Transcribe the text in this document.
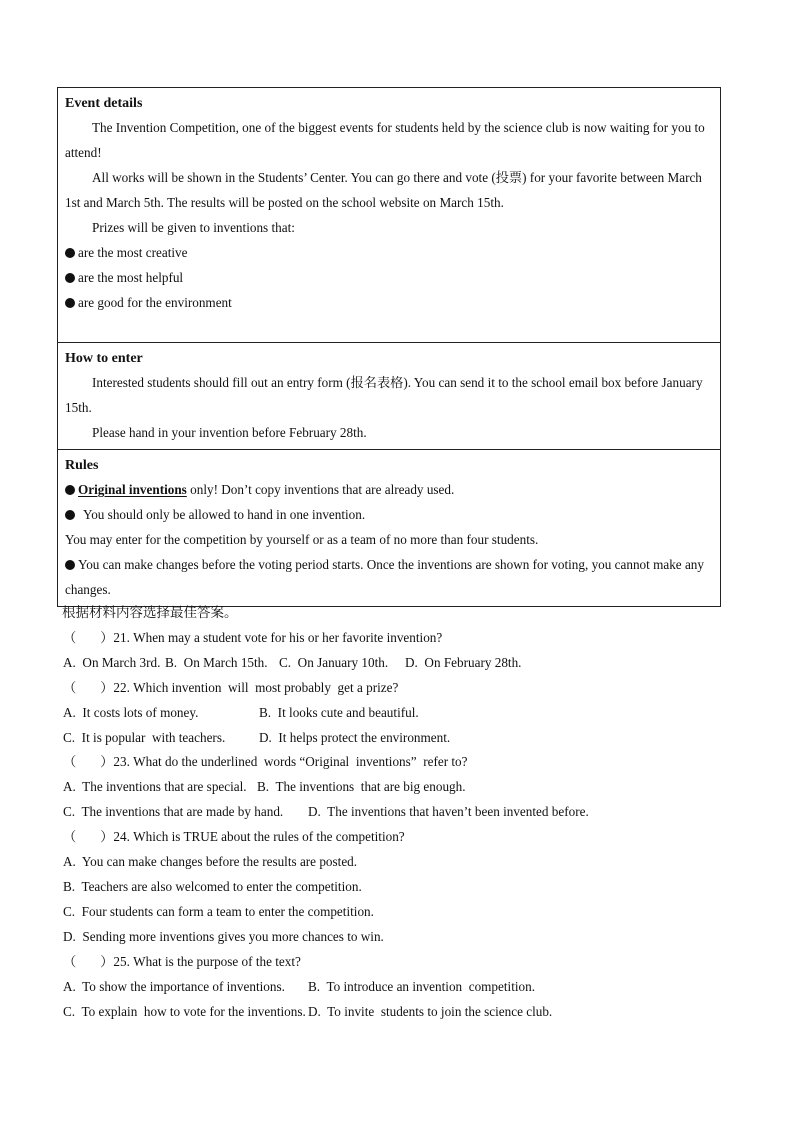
Event details
The Invention Competition, one of the biggest events for students held by the science club is now waiting for you to attend!
All works will be shown in the Students’ Center. You can go there and vote (投票) for your favorite between March 1st and March 5th. The results will be posted on the school website on March 15th.
Prizes will be given to inventions that:
are the most creative
are the most helpful
are good for the environment

How to enter
Interested students should fill out an entry form (报名表格). You can send it to the school email box before January 15th.
Please hand in your invention before February 28th.

Rules
Original inventions only! Don’t copy inventions that are already used.
You should only be allowed to hand in one invention.
You may enter for the competition by yourself or as a team of no more than four students.
You can make changes before the voting period starts. Once the inventions are shown for voting, you cannot make any changes.
根据材料内容选择最佳答案。
（ ）21. When may a student vote for his or her favorite invention?
A.  On March 3rd. B.  On March 15th. C.  On January 10th. D.  On February 28th.
（ ）22. Which invention  will  most probably  get a prize?
A.  It costs lots of money.	B.  It looks cute and beautiful.
C.  It is popular  with teachers.	D.  It helps protect the environment.
（ ）23. What do the underlined  words “Original  inventions”  refer to?
A.  The inventions that are special. B.  The inventions  that are big enough.
C.  The inventions that are made by hand. D.  The inventions that haven’t been invented before.
（ ）24. Which is TRUE about the rules of the competition?
A.  You can make changes before the results are posted.
B.  Teachers are also welcomed to enter the competition.
C.  Four students can form a team to enter the competition.
D.  Sending more inventions gives you more chances to win.
（ ）25. What is the purpose of the text?
A.  To show the importance of inventions. B.  To introduce an invention  competition.
C.  To explain  how to vote for the inventions. D.  To invite  students to join the science club.
